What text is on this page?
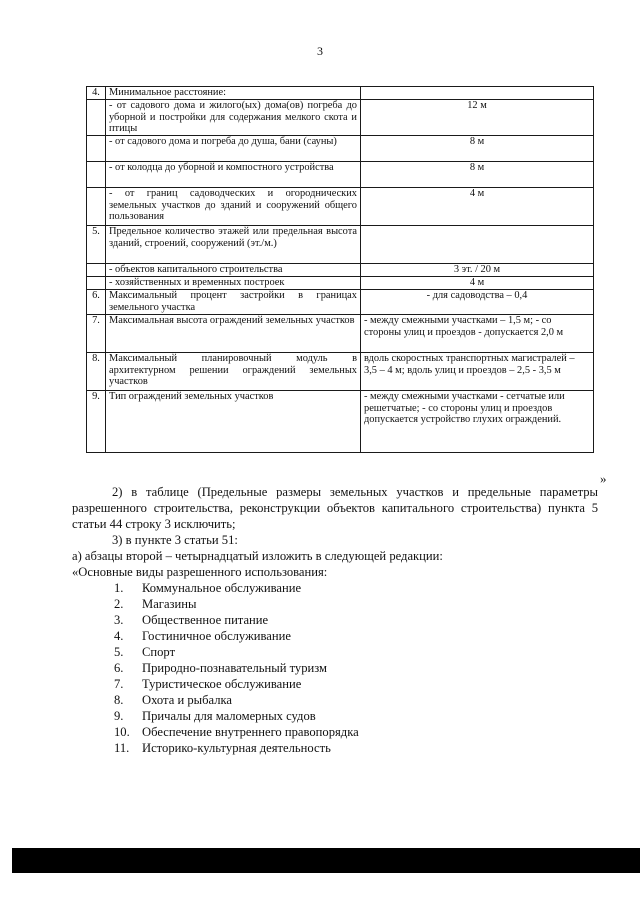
3
4.	Минимальное расстояние:	
	- от садового дома и жилого(ых) дома(ов) погреба до уборной и постройки для содержания мелкого скота и птицы	12 м
	- от садового дома и погреба до душа, бани (сауны)	8 м
	- от колодца до уборной и компостного устройства	8 м
	- от границ садоводческих и огороднических земельных участков до зданий и сооружений общего пользования	4 м
5.	Предельное количество этажей или предельная высота зданий, строений, сооружений (эт./м.)	
	- объектов капитального строительства	3 эт. / 20 м
	- хозяйственных и временных построек	4 м
6.	Максимальный процент застройки в границах земельного участка	- для садоводства – 0,4
7.	Максимальная высота ограждений земельных участков	- между смежными участками – 1,5 м; - со стороны улиц и проездов - допускается 2,0 м
8.	Максимальный планировочный модуль в архитектурном решении ограждений земельных участков	вдоль скоростных транспортных магистралей – 3,5 – 4 м; вдоль улиц и проездов – 2,5 - 3,5 м
9.	Тип ограждений земельных участков	- между смежными участками - сетчатые или решетчатые; - со стороны улиц и проездов допускается устройство глухих ограждений.
»

2) в таблице (Предельные размеры земельных участков и предельные параметры разрешенного строительства, реконструкции объектов капитального строительства) пункта 5 статьи 44 строку 3 исключить;

3) в пункте 3 статьи 51:

а) абзацы второй – четырнадцатый изложить в следующей редакции:

«Основные виды разрешенного использования:

1.	Коммунальное обслуживание
2.	Магазины
3.	Общественное питание
4.	Гостиничное обслуживание
5.	Спорт
6.	Природно-познавательный туризм
7.	Туристическое обслуживание
8.	Охота и рыбалка
9.	Причалы для маломерных судов
10. Обеспечение внутреннего правопорядка
11.	Историко-культурная деятельность
